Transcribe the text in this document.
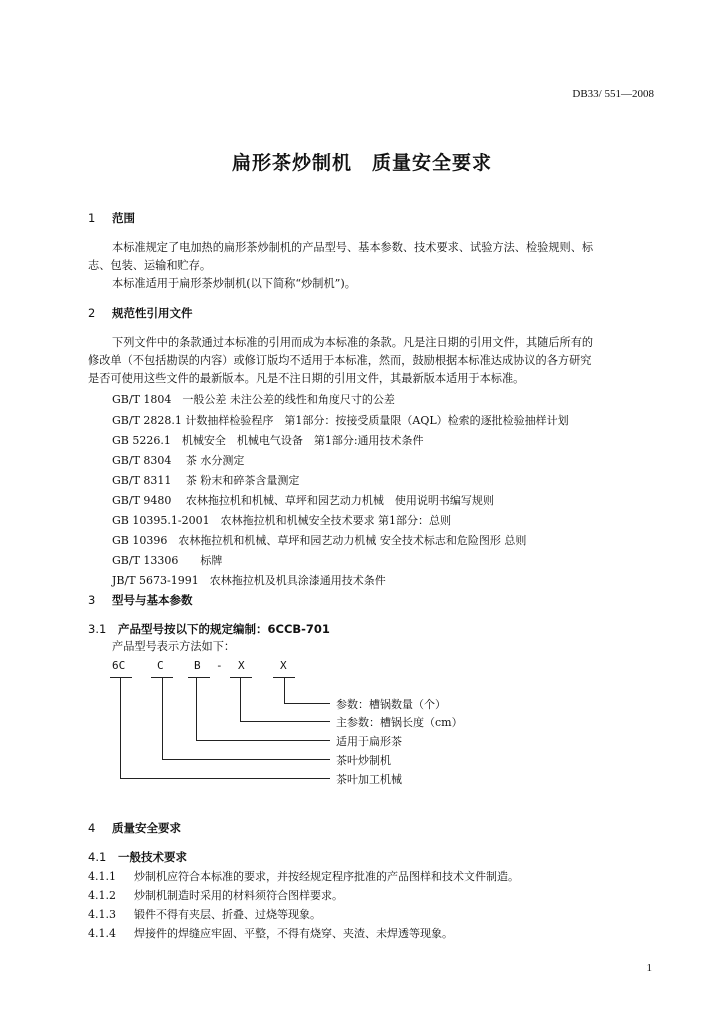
DB33/ 551—2008
扁形茶炒制机　质量安全要求
1 范围
本标准规定了电加热的扁形茶炒制机的产品型号、基本参数、技术要求、试验方法、检验规则、标
志、包装、运输和贮存。
本标准适用于扁形茶炒制机(以下简称“炒制机”)。
2 规范性引用文件
下列文件中的条款通过本标准的引用而成为本标准的条款。凡是注日期的引用文件，其随后所有的
修改单（不包括勘误的内容）或修订版均不适用于本标准，然而，鼓励根据本标准达成协议的各方研究
是否可使用这些文件的最新版本。凡是不注日期的引用文件，其最新版本适用于本标准。
GB/T 1804　一般公差 未注公差的线性和角度尺寸的公差
GB/T 2828.1 计数抽样检验程序　第1部分：按接受质量限（AQL）检索的逐批检验抽样计划
GB 5226.1　机械安全　机械电气设备　第1部分:通用技术条件
GB/T 8304　 茶 水分测定
GB/T 8311　 茶 粉末和碎茶含量测定
GB/T 9480　 农林拖拉机和机械、草坪和园艺动力机械　使用说明书编写规则
GB 10395.1-2001　农林拖拉机和机械安全技术要求 第1部分：总则
GB 10396　农林拖拉机和机械、草坪和园艺动力机械 安全技术标志和危险图形 总则
GB/T 13306　　标牌
JB/T 5673-1991　农林拖拉机及机具涂漆通用技术条件
3 型号与基本参数
3.1 产品型号按以下的规定编制：6CCB-701
产品型号表示方法如下：
6C	C	B - X	X
参数：槽锅数量（个）
主参数：槽锅长度（cm）
适用于扁形茶
茶叶炒制机
茶叶加工机械
4 质量安全要求
4.1 一般技术要求
4.1.1 炒制机应符合本标准的要求，并按经规定程序批准的产品图样和技术文件制造。
4.1.2 炒制机制造时采用的材料须符合图样要求。
4.1.3 锻件不得有夹层、折叠、过烧等现象。
4.1.4 焊接件的焊缝应牢固、平整，不得有烧穿、夹渣、未焊透等现象。
1
